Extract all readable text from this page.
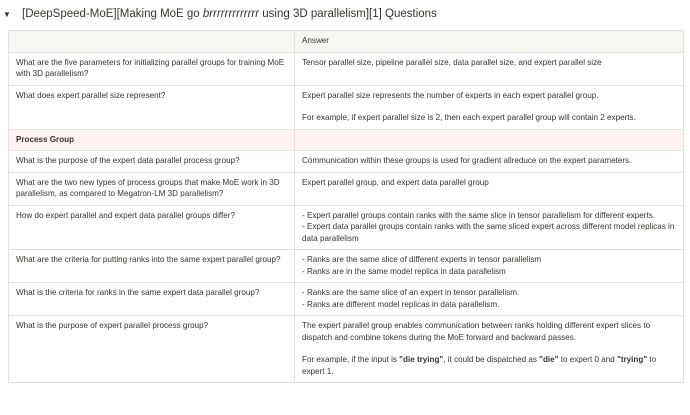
▼ [DeepSpeed-MoE][Making MoE go brrrrrrrrrrrrr using 3D parallelism][1] Questions
	Answer
What are the five parameters for initializing parallel groups for training MoE with 3D parallelism?	Tensor parallel size, pipeline parallel size, data parallel size, and expert parallel size
What does expert parallel size represent?	Expert parallel size represents the number of experts in each expert parallel group.
For example, if expert parallel size is 2, then each expert parallel group will contain 2 experts.
Process Group	
What is the purpose of the expert data parallel process group?	Communication within these groups is used for gradient allreduce on the expert parameters.
What are the two new types of process groups that make MoE work in 3D parallelism, as compared to Megatron-LM 3D parallelism?	Expert parallel group, and expert data parallel group
How do expert parallel and expert data parallel groups differ?	- Expert parallel groups contain ranks with the same slice in tensor parallelism for different experts.
- Expert data parallel groups contain ranks with the same sliced expert across different model replicas in data parallelism
What are the criteria for putting ranks into the same expert parallel group?	- Ranks are the same slice of different experts in tensor parallelism
- Ranks are in the same model replica in data parallelism
What is the criteria for ranks in the same expert data parallel group?	- Ranks are the same slice of an expert in tensor parallelism.
- Ranks are different model replicas in data parallelism.
What is the purpose of expert parallel process group?	The expert parallel group enables communication between ranks holding different expert slices to dispatch and combine tokens during the MoE forward and backward passes.
For example, if the input is "die trying", it could be dispatched as "die" to expert 0 and "trying" to expert 1.
